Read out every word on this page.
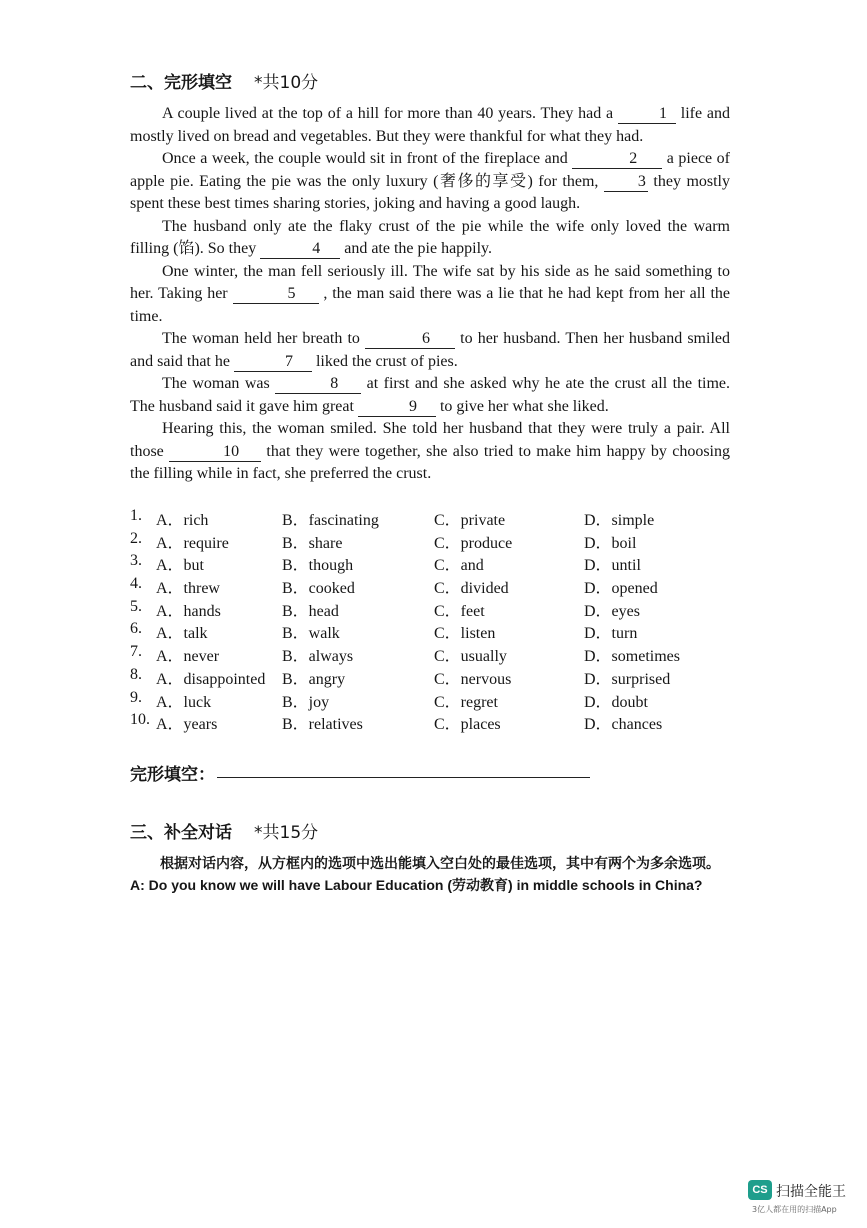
二、完形填空 *共10分

A couple lived at the top of a hill for more than 40 years. They had a	1 life and mostly lived on bread and vegetables. But they were thankful for what they had.

Once a week, the couple would sit in front of the fireplace and	2 a piece of apple pie. Eating the pie was the only luxury (奢侈的享受) for them, 3 they mostly spent these best times sharing stories, joking and having a good laugh.

The husband only ate the flaky crust of the pie while the wife only loved the warm filling (馅). So they	4 and ate the pie happily.

One winter, the man fell seriously ill. The wife sat by his side as he said something to her. Taking her	5 , the man said there was a lie that he had kept from her all the time.

The woman held her breath to	6 to her husband. Then her husband smiled and said that he	7 liked the crust of pies.

The woman was	8 at first and she asked why he ate the crust all the time. The husband said it gave him great	9 to give her what she liked.

Hearing this, the woman smiled. She told her husband that they were truly a pair. All those	10 that they were together, she also tried to make him happy by choosing the filling while in fact, she preferred the crust.

1. A．rich	B．fascinating	C．private	D．simple
2. A．require	B．share	C．produce	D．boil
3. A．but	B．though	C．and	D．until
4. A．threw	B．cooked	C．divided	D．opened
5. A．hands	B．head	C．feet	D．eyes
6. A．talk	B．walk	C．listen	D．turn
7. A．never	B．always	C．usually	D．sometimes
8. A．disappointed B．angry	C．nervous	D．surprised
9. A．luck	B．joy	C．regret	D．doubt
10. A．years	B．relatives	C．places	D．chances
完形填空：
三、补全对话 *共15分
根据对话内容，从方框内的选项中选出能填入空白处的最佳选项，其中有两个为多余选项。
A: Do you know we will have Labour Education (劳动教育) in middle schools in China?
CS 扫描全能王
3亿人都在用的扫描App
